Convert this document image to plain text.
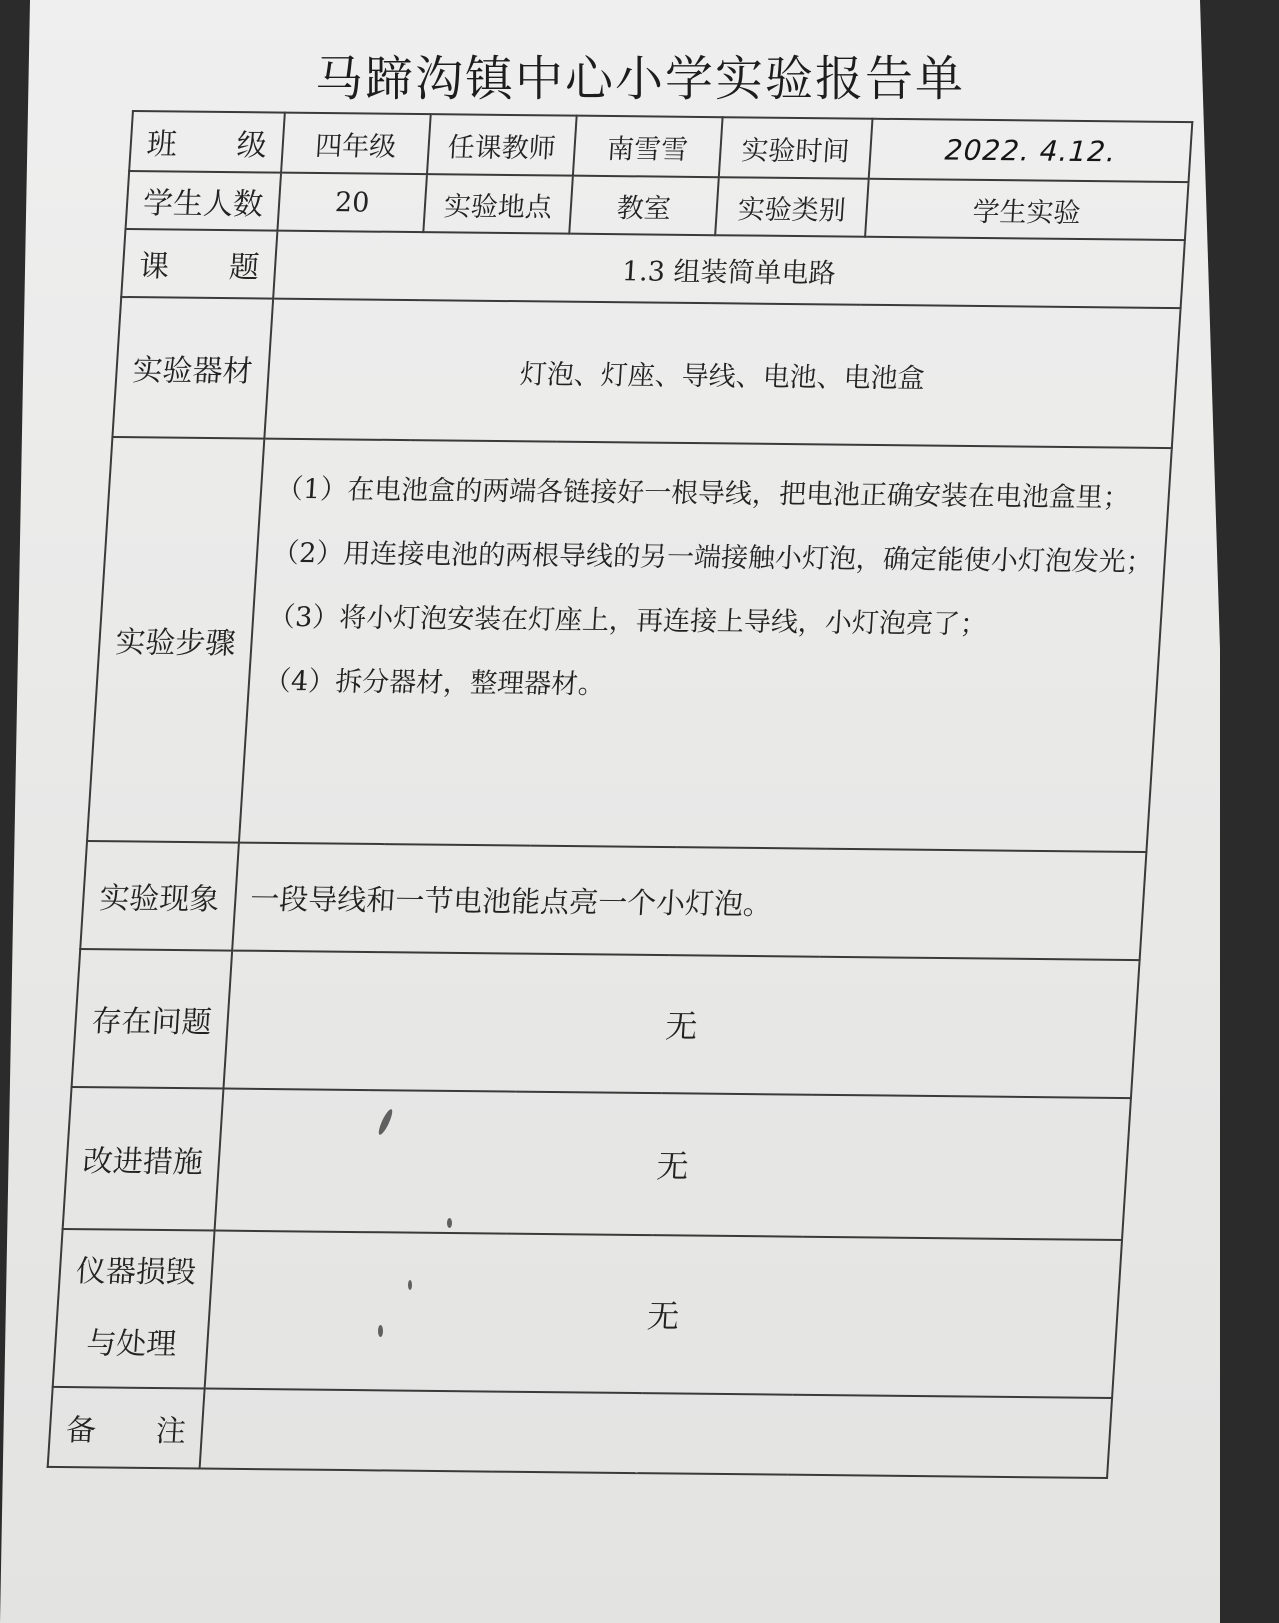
马蹄沟镇中心小学实验报告单
班　　级	四年级	任课教师	南雪雪	实验时间	2022. 4.12.
学生人数	20	实验地点	教室	实验类别	学生实验
课　　题	1.3 组装简单电路				
实验器材	灯泡、灯座、导线、电池、电池盒				
实验步骤	（1）在电池盒的两端各链接好一根导线，把电池正确安装在电池盒里；

（2）用连接电池的两根导线的另一端接触小灯泡，确定能使小灯泡发光；

（3）将小灯泡安装在灯座上，再连接上导线，小灯泡亮了；

（4）拆分器材，整理器材。				

实验现象	一段导线和一节电池能点亮一个小灯泡。				
存在问题	无				
改进措施	无				

仪器损毁
与处理	无				
备　　注					
